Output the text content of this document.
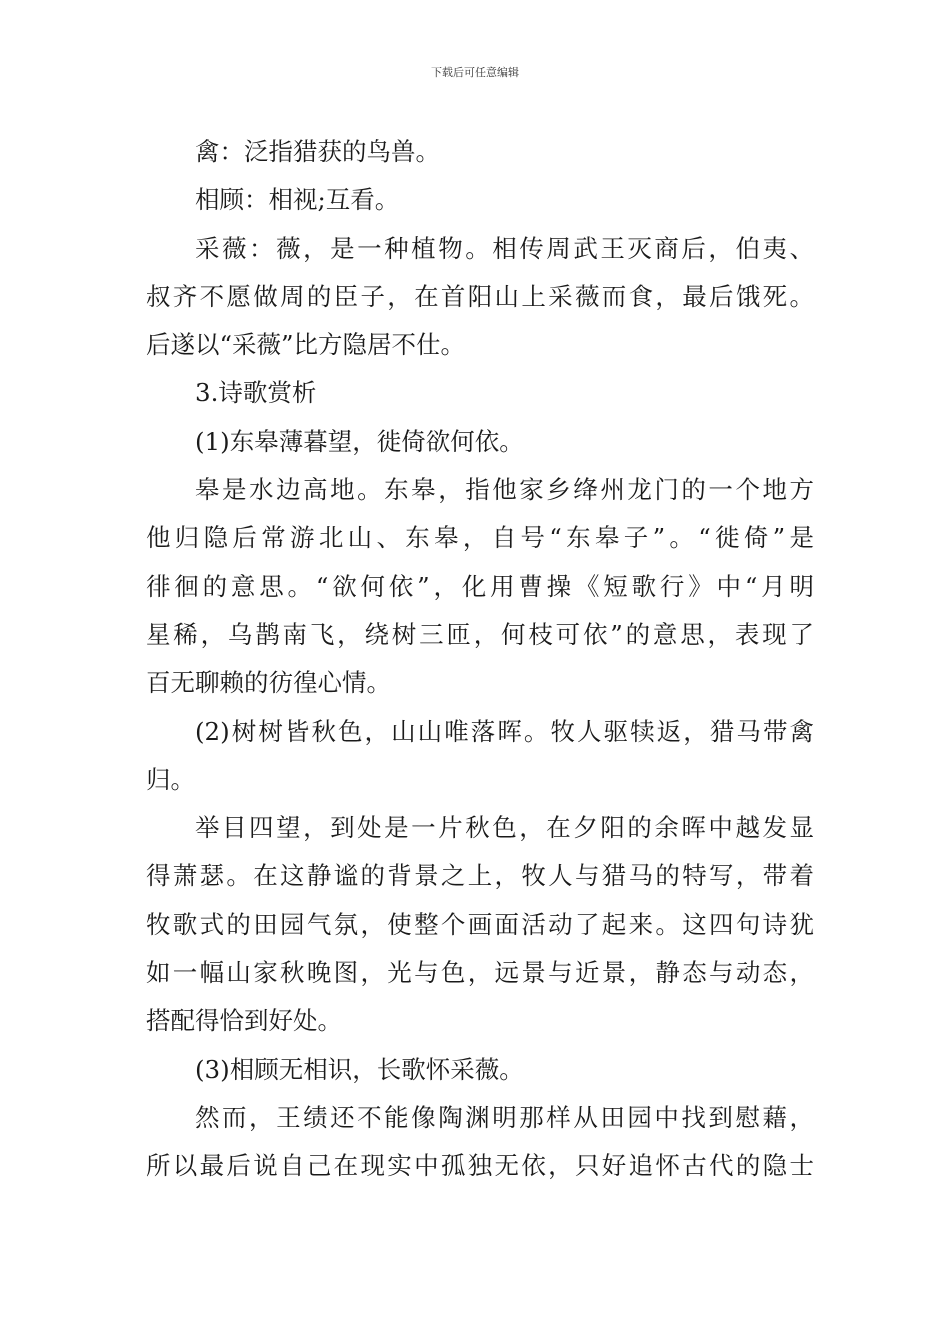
下载后可任意编辑

禽：泛指猎获的鸟兽。

相顾：相视;互看。

采薇：薇，是一种植物。相传周武王灭商后，伯夷、

叔齐不愿做周的臣子，在首阳山上采薇而食，最后饿死。

后遂以“采薇”比方隐居不仕。

3.诗歌赏析

(1)东皋薄暮望，徙倚欲何依。

皋是水边高地。东皋，指他家乡绛州龙门的一个地方

他归隐后常游北山、东皋，自号“东皋子”。“徙倚”是

徘徊的意思。“欲何依”，化用曹操《短歌行》中“月明

星稀，乌鹊南飞，绕树三匝，何枝可依”的意思，表现了

百无聊赖的彷徨心情。

(2)树树皆秋色，山山唯落晖。牧人驱犊返，猎马带禽

归。

举目四望，到处是一片秋色，在夕阳的余晖中越发显

得萧瑟。在这静谧的背景之上，牧人与猎马的特写，带着

牧歌式的田园气氛，使整个画面活动了起来。这四句诗犹

如一幅山家秋晚图，光与色，远景与近景，静态与动态，

搭配得恰到好处。

(3)相顾无相识，长歌怀采薇。

然而，王绩还不能像陶渊明那样从田园中找到慰藉，

所以最后说自己在现实中孤独无依，只好追怀古代的隐士
